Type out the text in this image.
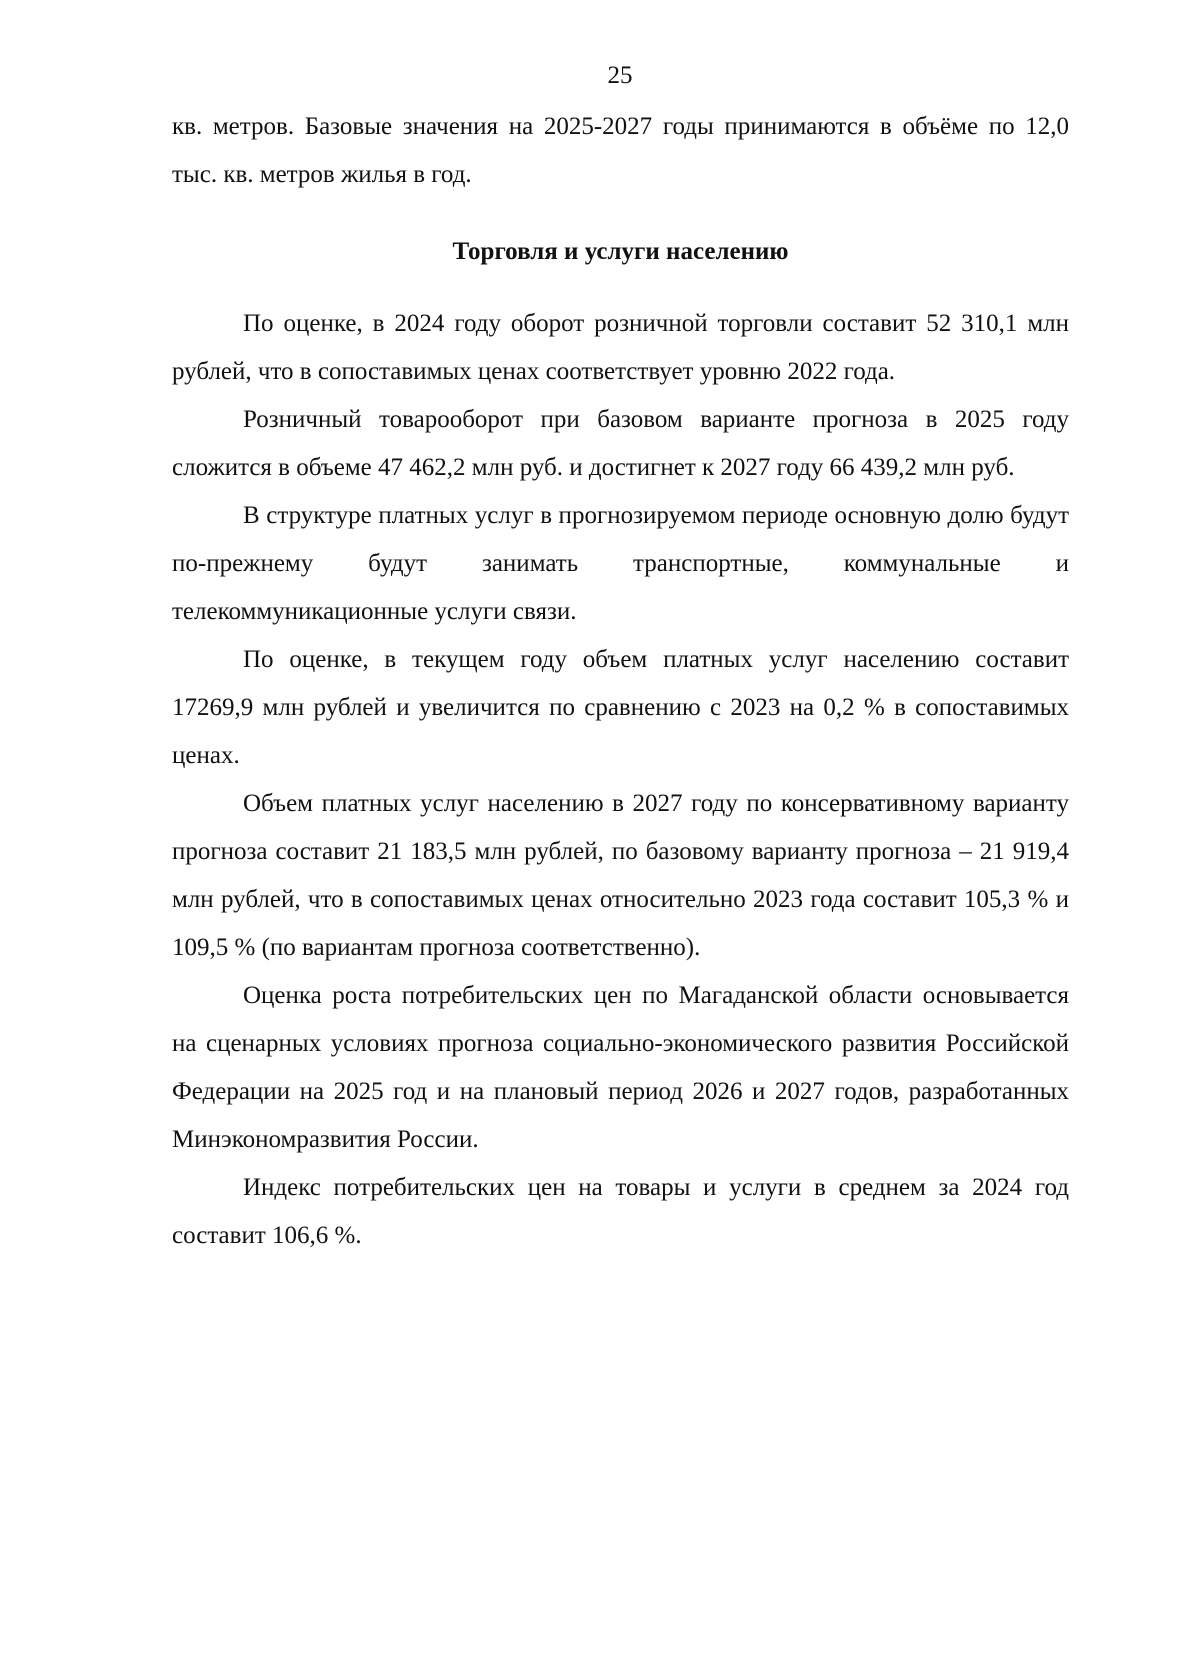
25

кв. метров. Базовые значения на 2025-2027 годы принимаются в объёме по 12,0 тыс. кв. метров жилья в год.

Торговля и услуги населению

По оценке, в 2024 году оборот розничной торговли составит 52 310,1 млн рублей, что в сопоставимых ценах соответствует уровню 2022 года.

Розничный товарооборот при базовом варианте прогноза в 2025 году сложится в объеме 47 462,2 млн руб. и достигнет к 2027 году 66 439,2 млн руб.

В структуре платных услуг в прогнозируемом периоде основную долю будут по-прежнему будут занимать транспортные, коммунальные и телекоммуникационные услуги связи.

По оценке, в текущем году объем платных услуг населению составит 17269,9 млн рублей и увеличится по сравнению с 2023 на 0,2 % в сопоставимых ценах.

Объем платных услуг населению в 2027 году по консервативному варианту прогноза составит 21 183,5 млн рублей, по базовому варианту прогноза – 21 919,4 млн рублей, что в сопоставимых ценах относительно 2023 года составит 105,3 % и 109,5 % (по вариантам прогноза соответственно).

Оценка роста потребительских цен по Магаданской области основывается на сценарных условиях прогноза социально-экономического развития Российской Федерации на 2025 год и на плановый период 2026 и 2027 годов, разработанных Минэкономразвития России.

Индекс потребительских цен на товары и услуги в среднем за 2024 год составит 106,6 %.
